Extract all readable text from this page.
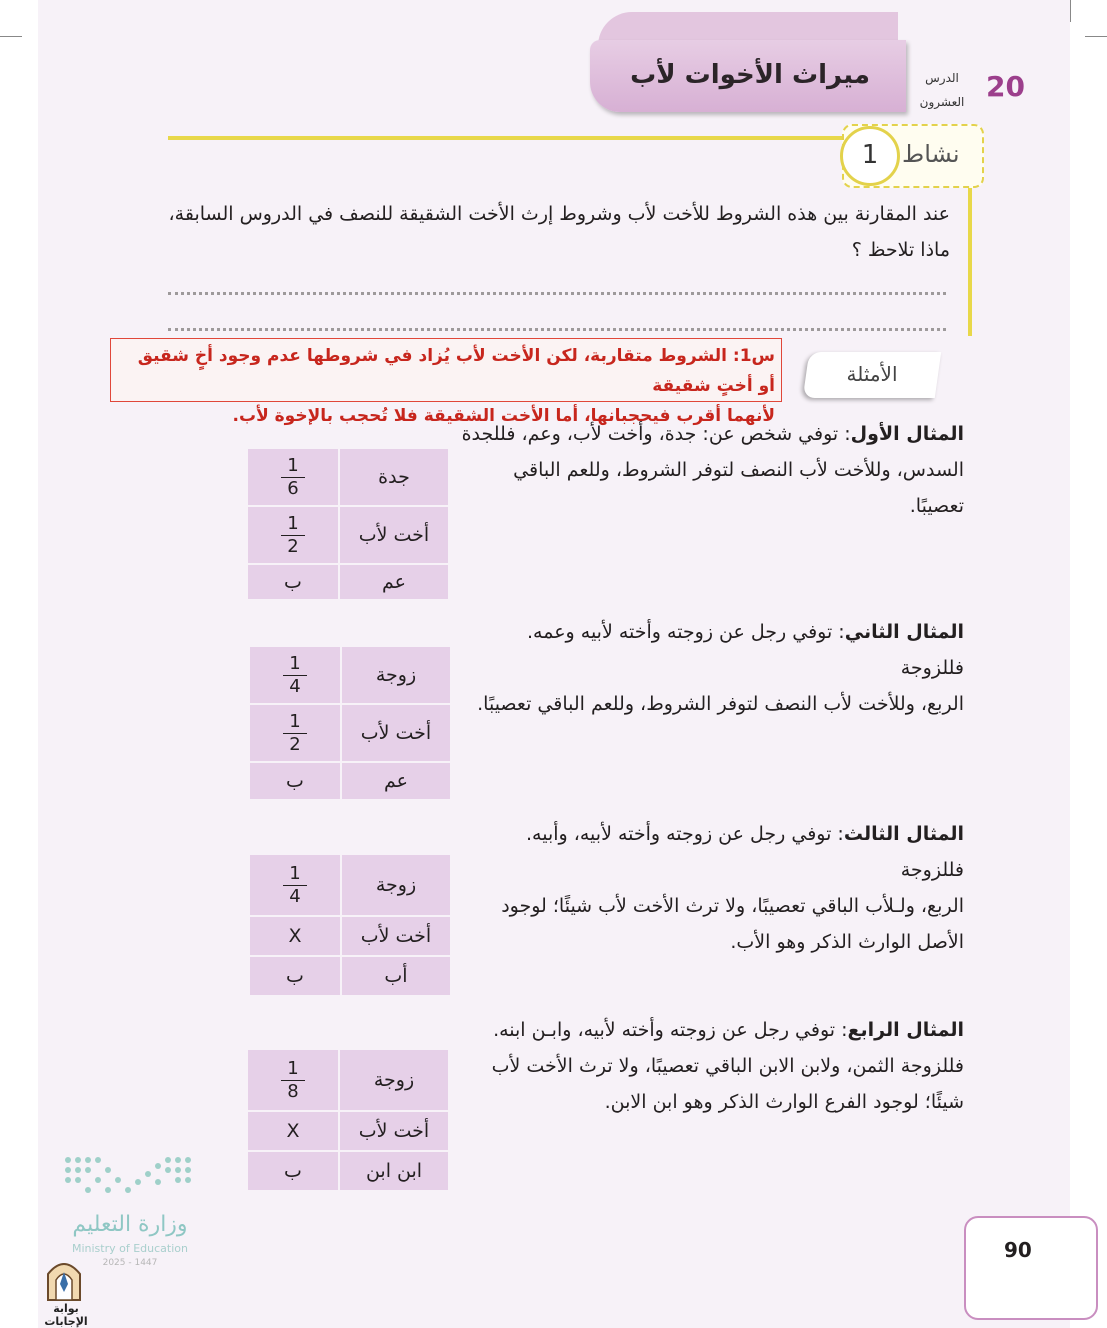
ميراث الأخوات لأب	الدرس
العشرون 20
نشاط
1
عند المقارنة بين هذه الشروط للأخت لأب وشروط إرث الأخت الشقيقة للنصف في الدروس السابقة،
ماذا تلاحظ ؟
س1: الشروط متقاربة، لكن الأخت لأب يُزاد في شروطها عدم وجود أخٍ شقيق أو أختٍ شقيقة
لأنهما أقرب فيحجبانها، أما الأخت الشقيقة فلا تُحجب بالإخوة لأب.
الأمثلة
المثال الأول: توفي شخص عن: جدة، وأخت لأب، وعم، فللجدة
السدس، وللأخت لأب النصف لتوفر الشروط، وللعم الباقي تعصيبًا.
جدة	$\frac{1}{6}$

أخت لأب	$\frac{1}{2}$

عم	ب
المثال الثاني: توفي رجل عن زوجته وأخته لأبيه وعمه. فللزوجة
الربع، وللأخت لأب النصف لتوفر الشروط، وللعم الباقي تعصيبًا.
زوجة	$\frac{1}{4}$

أخت لأب	$\frac{1}{2}$

عم	ب
المثال الثالث: توفي رجل عن زوجته وأخته لأبيه، وأبيه. فللزوجة
الربع، ولـلأب الباقي تعصيبًا، ولا ترث الأخت لأب شيئًا؛ لوجود
الأصل الوارث الذكر وهو الأب.
زوجة	$\frac{1}{4}$

أخت لأب	X
أب	ب
المثال الرابع: توفي رجل عن زوجته وأخته لأبيه، وابـن ابنه.
فللزوجة الثمن، ولابن الابن الباقي تعصيبًا، ولا ترث الأخت لأب
شيئًا؛ لوجود الفرع الوارث الذكر وهو ابن الابن.
زوجة	$\frac{1}{8}$

أخت لأب	X
ابن ابن	ب
90
وزارة التعليم
Ministry of Education
2025 - 1447
بوابة الإجابات
